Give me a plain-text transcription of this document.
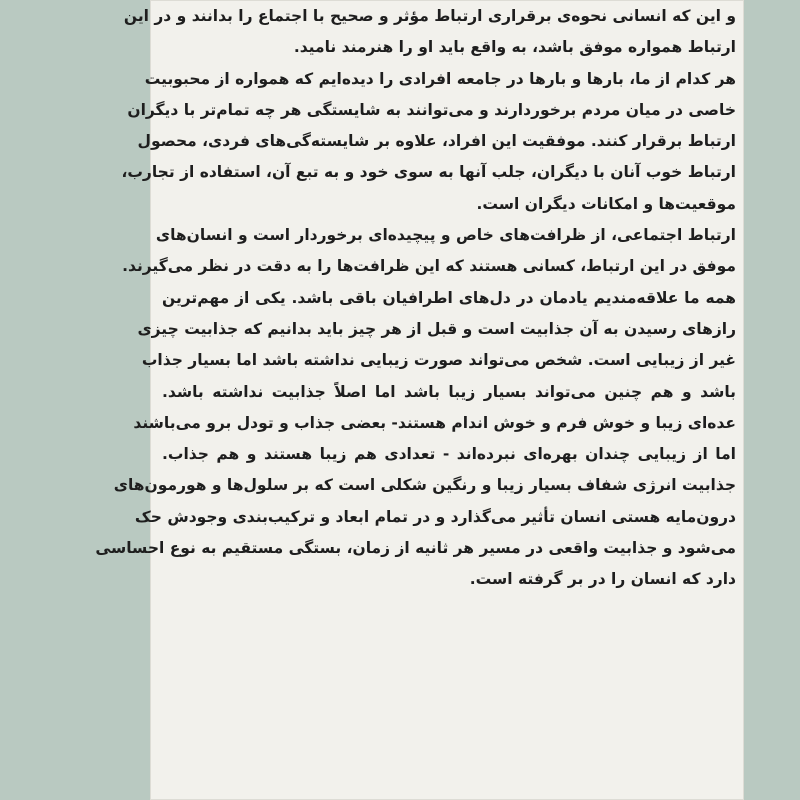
و این که انسانی نحوه‌ی برقراری ارتباط مؤثر و صحیح با اجتماع را بدانند و در این
ارتباط همواره موفق باشد، به واقع باید او را هنرمند نامید.
هر کدام از ما، بارها و بارها در جامعه افرادی را دیده‌ایم که همواره از محبوبیت
خاصی در میان مردم برخوردارند و می‌توانند به شایستگی هر چه تمام‌تر با دیگران
ارتباط برقرار کنند. موفقیت این افراد، علاوه بر شایسته‌گی‌های فردی، محصول
ارتباط خوب آنان با دیگران، جلب آنها به سوی خود و به تبع آن، استفاده از تجارب،
موقعیت‌ها و امکانات دیگران است.
ارتباط اجتماعی، از ظرافت‌های خاص و پیچیده‌ای برخوردار است و انسان‌های
موفق در این ارتباط، کسانی هستند که این ظرافت‌ها را به دقت در نظر می‌گیرند.
همه ما علاقه‌مندیم یادمان در دل‌های اطرافیان باقی باشد. یکی از مهم‌ترین
رازهای رسیدن به آن جذابیت است و قبل از هر چیز باید بدانیم که جذابیت چیزی
غیر از زیبایی است. شخص می‌تواند صورت زیبایی نداشته باشد اما بسیار جذاب
باشد و هم چنین می‌تواند بسیار زیبا باشد اما اصلاً جذابیت نداشته باشد.
عده‌ای زیبا و خوش فرم و خوش اندام هستند- بعضی جذاب و تودل برو می‌باشند
اما از زیبایی چندان بهره‌ای نبرده‌اند - تعدادی هم زیبا هستند و هم جذاب.
جذابیت انرژی شفاف بسیار زیبا و رنگین شکلی است که بر سلول‌ها و هورمون‌های
درون‌مایه هستی انسان تأثیر می‌گذارد و در تمام ابعاد و ترکیب‌بندی وجودش حک
می‌شود و جذابیت واقعی در مسیر هر ثانیه از زمان، بستگی مستقیم به نوع احساسی
دارد که انسان را در بر گرفته است.
